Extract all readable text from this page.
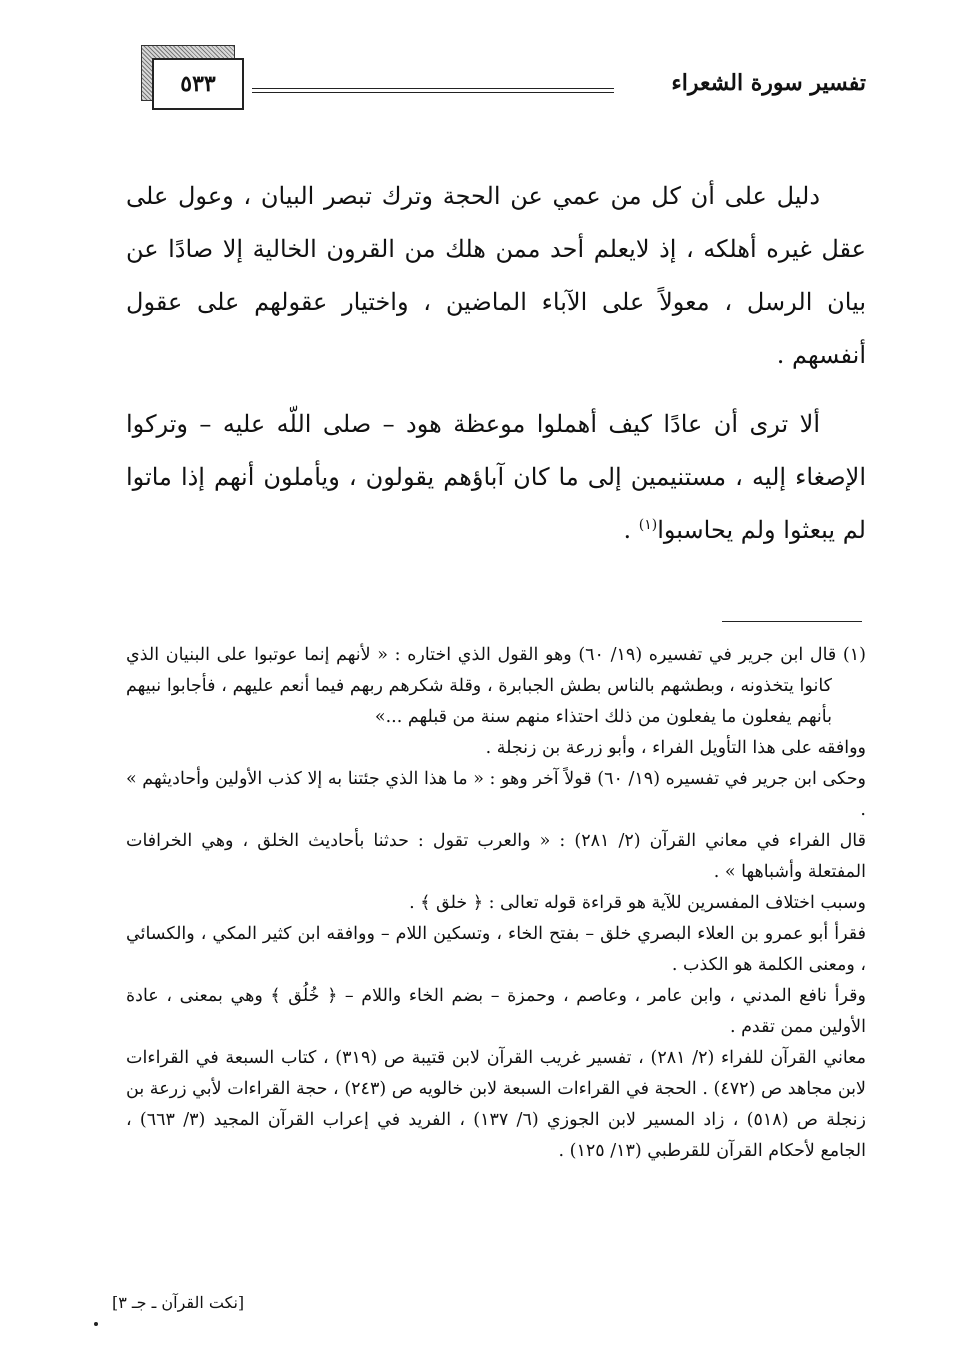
٥٣٣	تفسير سورة الشعراء

دليل على أن كل من عمي عن الحجة وترك تبصر البيان ، وعول على عقل غيره أهلكه ، إذ لايعلم أحد ممن هلك من القرون الخالية إلا صادًا عن بيان الرسل ، معولاً على الآباء الماضين ، واختيار عقولهم على عقول أنفسهم .

ألا ترى أن عادًا كيف أهملوا موعظة هود – صلى اللّه عليه – وتركوا الإصغاء إليه ، مستنيمين إلى ما كان آباؤهم يقولون ، ويأملون أنهم إذا ماتوا لم يبعثوا ولم يحاسبوا$^{(١)}$ .

(١) قال ابن جرير في تفسيره (١٩/ ٦٠) وهو القول الذي اختاره : « لأنهم إنما عوتبوا على البنيان الذي كانوا يتخذونه ، وبطشهم بالناس بطش الجبابرة ، وقلة شكرهم ربهم فيما أنعم عليهم ، فأجابوا نبيهم بأنهم يفعلون ما يفعلون من ذلك احتذاء منهم سنة من قبلهم ...»

ووافقه على هذا التأويل الفراء ، وأبو زرعة بن زنجلة .

وحكى ابن جرير في تفسيره (١٩/ ٦٠) قولاً آخر وهو : « ما هذا الذي جئتنا به إلا كذب الأولين وأحاديثهم » .

قال الفراء في معاني القرآن (٢/ ٢٨١) : « والعرب تقول : حدثنا بأحاديث الخلق ، وهي الخرافات المفتعلة وأشباهها » .

وسبب اختلاف المفسرين للآية هو قراءة قوله تعالى : ﴿ خلق ﴾ .

فقرأ أبو عمرو بن العلاء البصري خلق – بفتح الخاء ، وتسكين اللام – ووافقه ابن كثير المكي ، والكسائي ، ومعنى الكلمة هو الكذب .

وقرأ نافع المدني ، وابن عامر ، وعاصم ، وحمزة – بضم الخاء واللام – ﴿ خُلُق ﴾ وهي بمعنى ، عادة الأولين ممن تقدم .

معاني القرآن للفراء (٢/ ٢٨١) ، تفسير غريب القرآن لابن قتيبة ص (٣١٩) ، كتاب السبعة في القراءات لابن مجاهد ص (٤٧٢) . الحجة في القراءات السبعة لابن خالويه ص (٢٤٣) ، حجة القراءات لأبي زرعة بن زنجلة ص (٥١٨) ، زاد المسير لابن الجوزي (٦/ ١٣٧) ، الفريد في إعراب القرآن المجيد (٣/ ٦٦٣) ، الجامع لأحكام القرآن للقرطبي (١٣/ ١٢٥) .

[نكت القرآن ـ جـ ٣]
